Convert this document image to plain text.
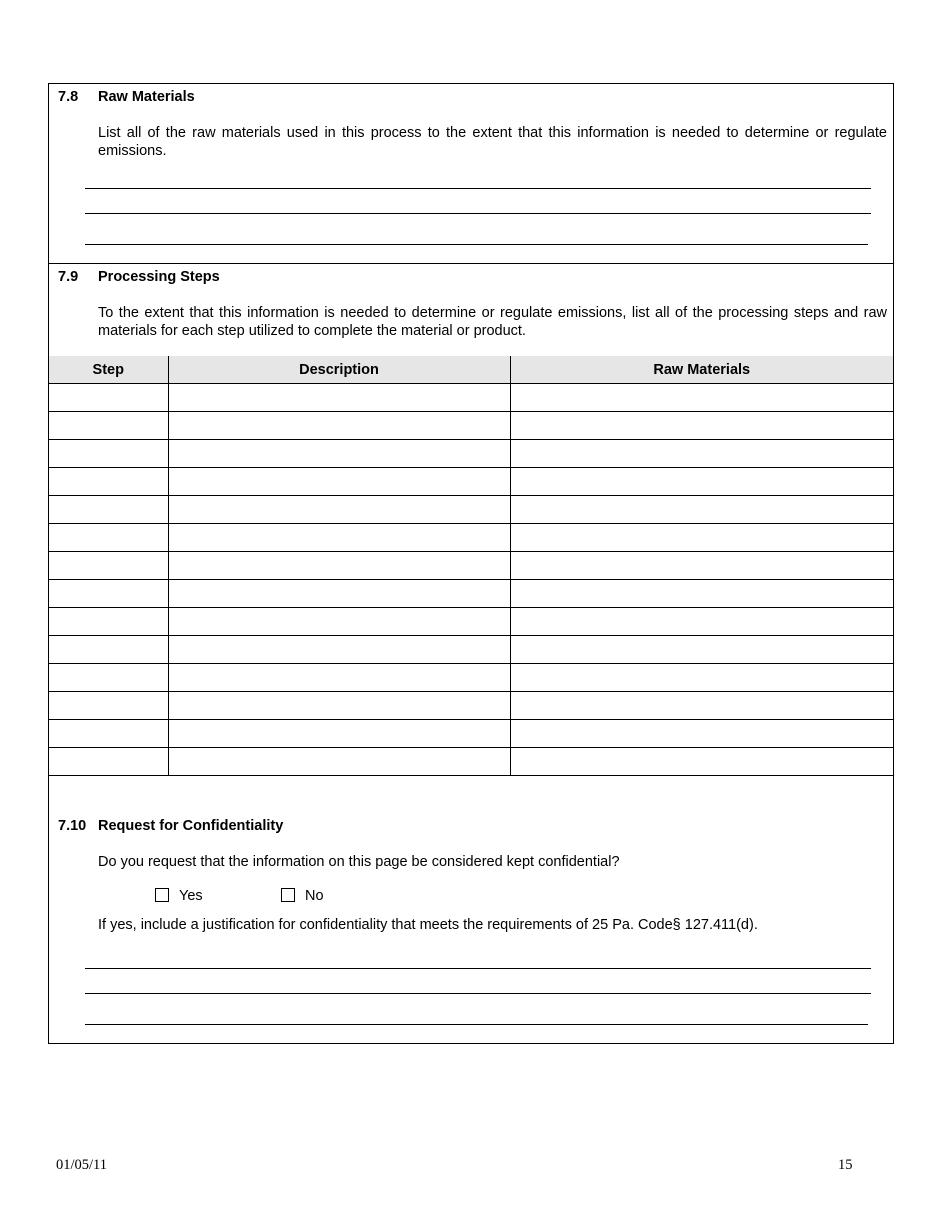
7.8 Raw Materials
List all of the raw materials used in this process to the extent that this information is needed to determine or regulate emissions.
7.9 Processing Steps
To the extent that this information is needed to determine or regulate emissions, list all of the processing steps and raw materials for each step utilized to complete the material or product.
Step	Description	Raw Materials

7.10 Request for Confidentiality
Do you request that the information on this page be considered kept confidential?
Yes	No
If yes, include a justification for confidentiality that meets the requirements of 25 Pa. Code§ 127.411(d).
01/05/11	15
